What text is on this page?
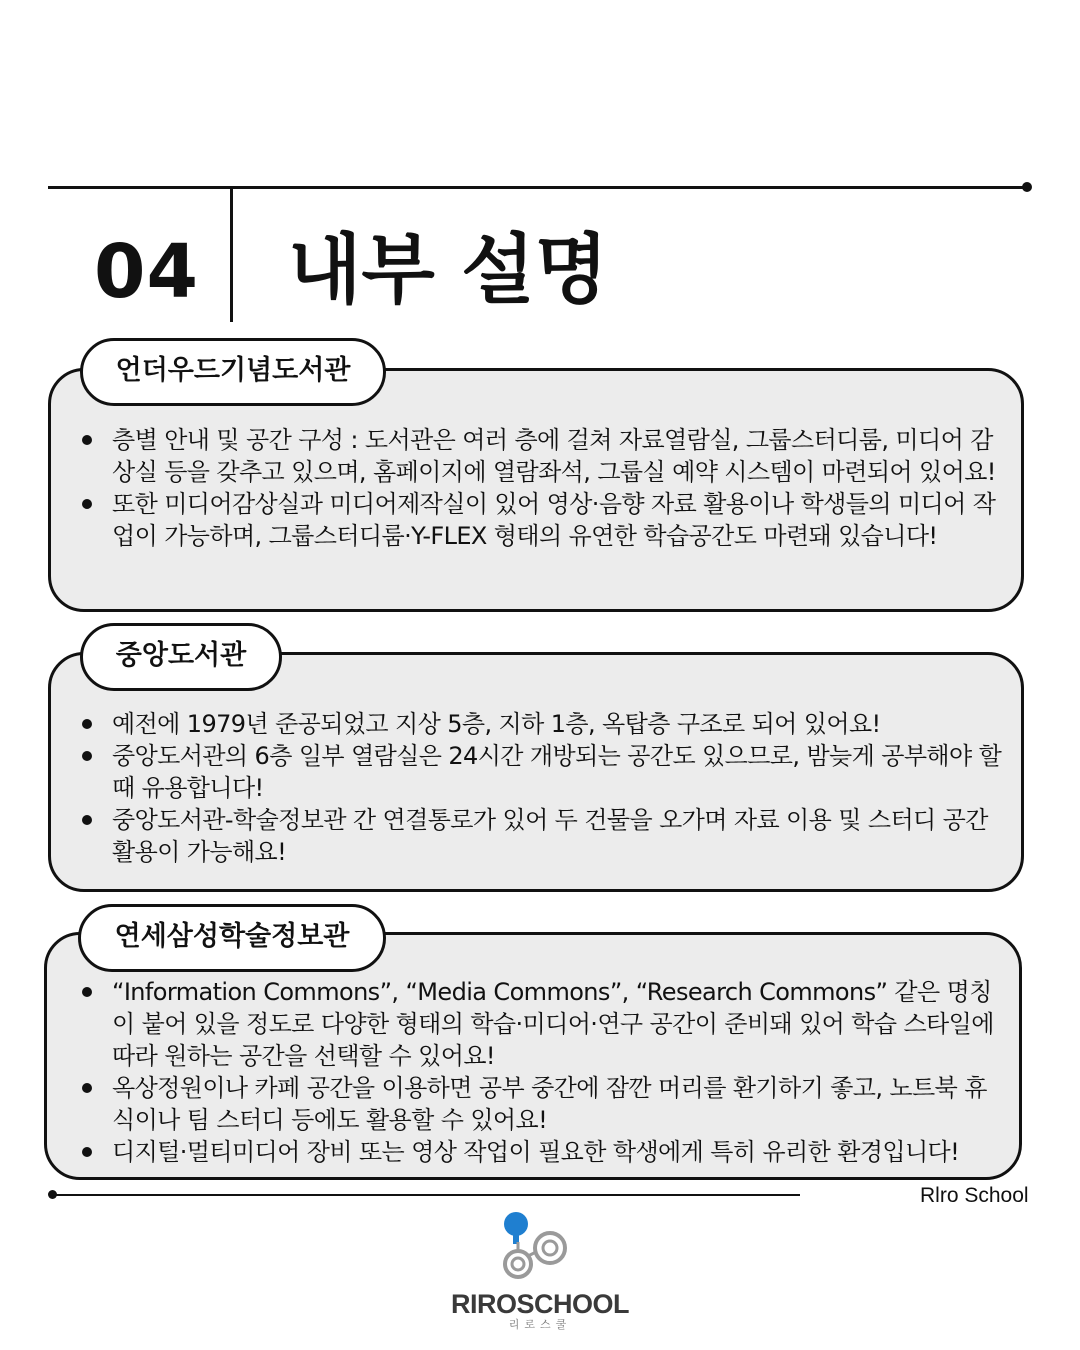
04 내부 설명
언더우드기념도서관
층별 안내 및 공간 구성 : 도서관은 여러 층에 걸쳐 자료열람실, 그룹스터디룸, 미디어 감상실 등을 갖추고 있으며, 홈페이지에 열람좌석, 그룹실 예약 시스템이 마련되어 있어요!
또한 미디어감상실과 미디어제작실이 있어 영상·음향 자료 활용이나 학생들의 미디어 작업이 가능하며, 그룹스터디룸·Y-FLEX 형태의 유연한 학습공간도 마련돼 있습니다!
중앙도서관
예전에 1979년 준공되었고 지상 5층, 지하 1층, 옥탑층 구조로 되어 있어요!
중앙도서관의 6층 일부 열람실은 24시간 개방되는 공간도 있으므로, 밤늦게 공부해야 할 때 유용합니다!
중앙도서관-학술정보관 간 연결통로가 있어 두 건물을 오가며 자료 이용 및 스터디 공간 활용이 가능해요!
연세삼성학술정보관
“Information Commons”, “Media Commons”, “Research Commons” 같은 명칭이 붙어 있을 정도로 다양한 형태의 학습·미디어·연구 공간이 준비돼 있어 학습 스타일에 따라 원하는 공간을 선택할 수 있어요!
옥상정원이나 카페 공간을 이용하면 공부 중간에 잠깐 머리를 환기하기 좋고, 노트북 휴식이나 팀 스터디 등에도 활용할 수 있어요!
디지털·멀티미디어 장비 또는 영상 작업이 필요한 학생에게 특히 유리한 환경입니다!
Rlro School
RIROSCHOOL
리로스쿨
